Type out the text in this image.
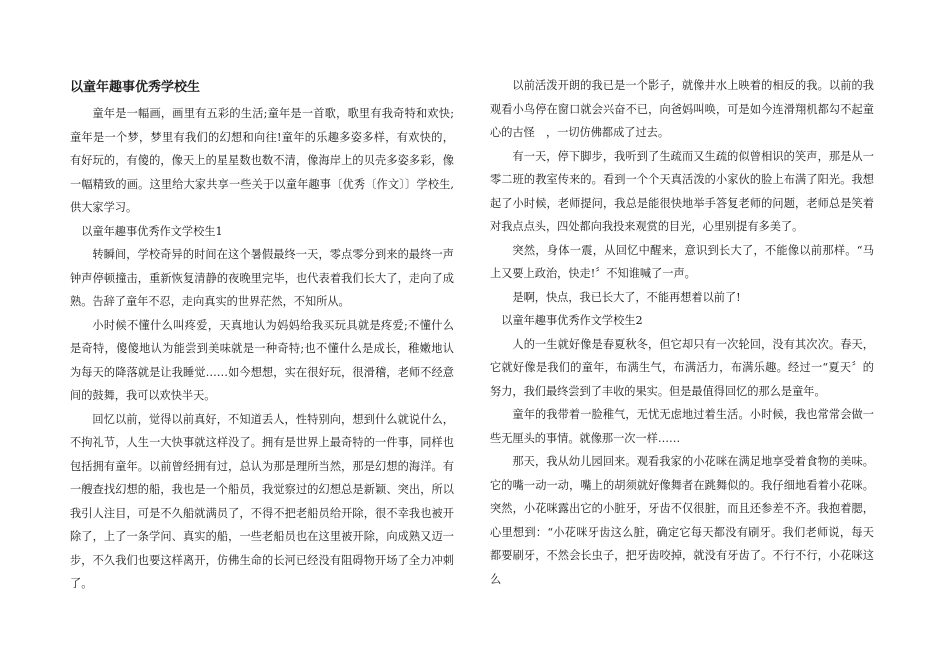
以童年趣事优秀学校生

童年是一幅画，画里有五彩的生活;童年是一首歌，歌里有我奇特和欢快;童年是一个梦，梦里有我们的幻想和向往!童年的乐趣多姿多样，有欢快的，有好玩的，有傻的，像天上的星星数也数不清，像海岸上的贝壳多姿多彩，像一幅精致的画。这里给大家共享一些关于以童年趣事〔优秀〔作文〕〕学校生,供大家学习。

以童年趣事优秀作文学校生1

转瞬间，学校奇异的时间在这个暑假最终一天，零点零分到来的最终一声钟声停顿撞击，重新恢复清静的夜晚里完毕，也代表着我们长大了，走向了成熟。告辞了童年不忍，走向真实的世界茫然，不知所从。

小时候不懂什么叫疼爱，天真地认为妈妈给我买玩具就是疼爱;不懂什么是奇特，傻傻地认为能尝到美味就是一种奇特;也不懂什么是成长，稚嫩地认为每天的降落就是让我睡觉……如今想想，实在很好玩，很滑稽，老师不经意间的鼓舞，我可以欢快半天。

回忆以前，觉得以前真好，不知道丢人，性特别向，想到什么就说什么，不拘礼节，人生一大快事就这样没了。拥有是世界上最奇特的一件事，同样也包括拥有童年。以前曾经拥有过，总认为那是理所当然，那是幻想的海洋。有一艘查找幻想的船，我也是一个船员，我觉察过的幻想总是新颖、突出，所以我引人注目，可是不久船就满员了，不得不把老船员给开除，很不幸我也被开除了，上了一条学问、真实的船，一些老船员也在这里被开除，向成熟又迈一步，不久我们也要这样离开，仿佛生命的长河已经没有阻碍物开场了全力冲刺了。

以前活泼开朗的我已是一个影子，就像井水上映着的相反的我。以前的我观看小鸟停在窗口就会兴奋不已，向爸妈叫唤，可是如今连滑翔机都勾不起童心的古怪　，一切仿佛都成了过去。

有一天，停下脚步，我听到了生疏而又生疏的似曾相识的笑声，那是从一零二班的教室传来的。看到一个个天真活泼的小家伙的脸上布满了阳光。我想起了小时候，老师提问，我总是能很快地举手答复老师的问题，老师总是笑着对我点点头，四处都向我投来观赏的目光，心里别提有多美了。

突然，身体一震，从回忆中醒来，意识到长大了，不能像以前那样。“马上又要上政治，快走!〞不知谁喊了一声。

是啊，快点，我已长大了，不能再想着以前了!

以童年趣事优秀作文学校生2

人的一生就好像是春夏秋冬，但它却只有一次轮回，没有其次次。春天，它就好像是我们的童年，布满生气，布满活力，布满乐趣。经过一“夏天〞的努力，我们最终尝到了丰收的果实。但是最值得回忆的那么是童年。

童年的我带着一脸稚气，无忧无虑地过着生活。小时候，我也常常会做一些无厘头的事情。就像那一次一样……

那天，我从幼儿园回来。观看我家的小花咪在满足地享受着食物的美味。它的嘴一动一动，嘴上的胡须就好像舞者在跳舞似的。我仔细地看着小花咪。突然，小花咪露出它的小脏牙，牙齿不仅很脏，而且还参差不齐。我抱着腮，心里想到：“小花咪牙齿这么脏，确定它每天都没有刷牙。我们老师说，每天都要刷牙，不然会长虫子，把牙齿咬掉，就没有牙齿了。不行不行，小花咪这么
